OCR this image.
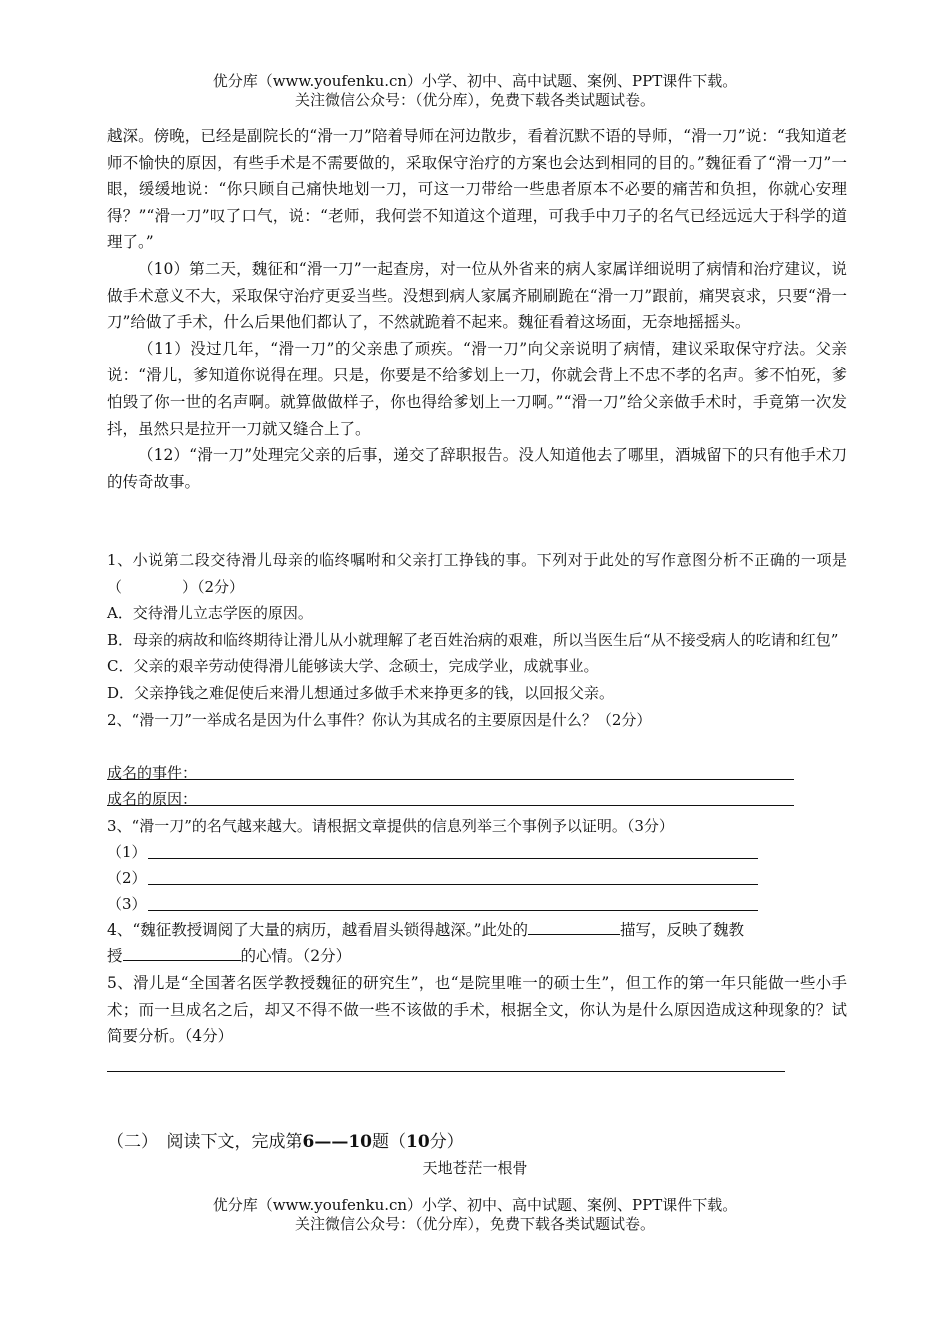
优分库（www.youfenku.cn）小学、初中、高中试题、案例、PPT课件下载。
关注微信公众号：（优分库），免费下载各类试题试卷。

越深。傍晚，已经是副院长的“滑一刀”陪着导师在河边散步，看着沉默不语的导师，“滑一刀”说：“我知道老师不愉快的原因，有些手术是不需要做的，采取保守治疗的方案也会达到相同的目的。”魏征看了“滑一刀”一眼，缓缓地说：“你只顾自己痛快地划一刀，可这一刀带给一些患者原本不必要的痛苦和负担，你就心安理得？”“滑一刀”叹了口气，说：“老师，我何尝不知道这个道理，可我手中刀子的名气已经远远大于科学的道理了。”

（10）第二天，魏征和“滑一刀”一起查房，对一位从外省来的病人家属详细说明了病情和治疗建议，说做手术意义不大，采取保守治疗更妥当些。没想到病人家属齐刷刷跪在“滑一刀”跟前，痛哭哀求，只要“滑一刀”给做了手术，什么后果他们都认了，不然就跪着不起来。魏征看着这场面，无奈地摇摇头。

（11）没过几年，“滑一刀”的父亲患了顽疾。“滑一刀”向父亲说明了病情，建议采取保守疗法。父亲说：“滑儿，爹知道你说得在理。只是，你要是不给爹划上一刀，你就会背上不忠不孝的名声。爹不怕死，爹怕毁了你一世的名声啊。就算做做样子，你也得给爹划上一刀啊。”“滑一刀”给父亲做手术时，手竟第一次发抖，虽然只是拉开一刀就又缝合上了。

（12）“滑一刀”处理完父亲的后事，递交了辞职报告。没人知道他去了哪里，酒城留下的只有他手术刀的传奇故事。

1、小说第二段交待滑儿母亲的临终嘱咐和父亲打工挣钱的事。下列对于此处的写作意图分析不正确的一项是（　　　　）（2分）

A．交待滑儿立志学医的原因。

B．母亲的病故和临终期待让滑儿从小就理解了老百姓治病的艰难，所以当医生后“从不接受病人的吃请和红包”

C．父亲的艰辛劳动使得滑儿能够读大学、念硕士，完成学业，成就事业。

D．父亲挣钱之难促使后来滑儿想通过多做手术来挣更多的钱，以回报父亲。

2、“滑一刀”一举成名是因为什么事件？你认为其成名的主要原因是什么？（2分）

成名的事件：
成名的原因：
3、“滑一刀”的名气越来越大。请根据文章提供的信息列举三个事例予以证明。（3分）
（1）
（2）
（3）
4、“魏征教授调阅了大量的病历，越看眉头锁得越深。”此处的	描写，反映了魏教
授	的心情。（2分）

5、滑儿是“全国著名医学教授魏征的研究生”，也“是院里唯一的硕士生”，但工作的第一年只能做一些小手术；而一旦成名之后，却又不得不做一些不该做的手术，根据全文，你认为是什么原因造成这种现象的？试简要分析。（4分）

（二）　阅读下文，完成第6——10题（10分）
天地苍茫一根骨
优分库（www.youfenku.cn）小学、初中、高中试题、案例、PPT课件下载。
关注微信公众号：（优分库），免费下载各类试题试卷。
